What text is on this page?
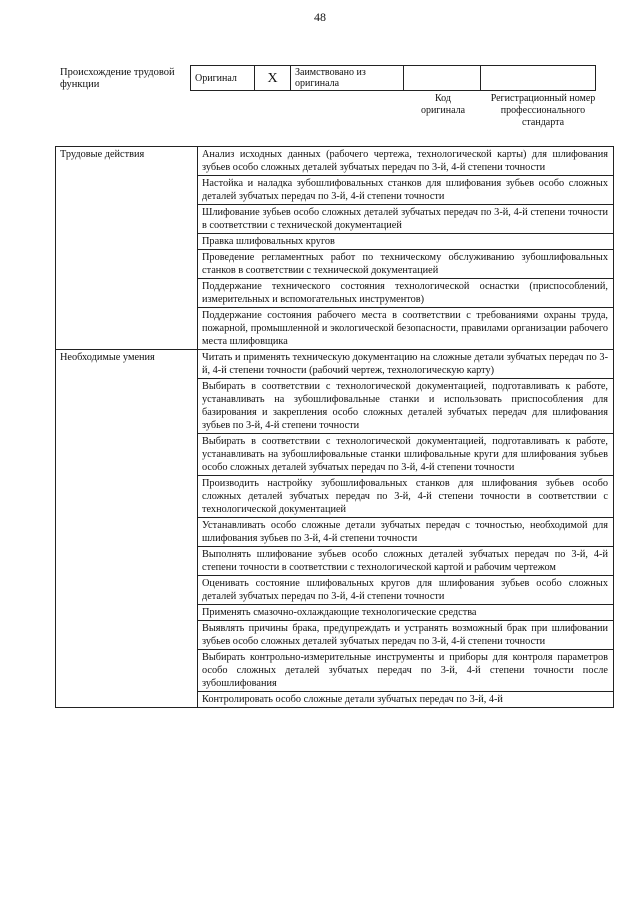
48
Происхождение трудовой функции
Оригинал	X	Заимствовано из оригинала		
Код оригинала
Регистрационный номер профессионального стандарта
Трудовые действия	Анализ исходных данных (рабочего чертежа, технологической карты) для шлифования зубьев особо сложных деталей зубчатых передач по 3-й, 4-й степени точности
	Настойка и наладка зубошлифовальных станков для шлифования зубьев особо сложных деталей зубчатых передач по 3-й, 4-й степени точности
	Шлифование зубьев особо сложных деталей зубчатых передач по 3-й, 4-й степени точности в соответствии с технической документацией
	Правка шлифовальных кругов
	Проведение регламентных работ по техническому обслуживанию зубошлифовальных станков в соответствии с технической документацией
	Поддержание технического состояния технологической оснастки (приспособлений, измерительных и вспомогательных инструментов)
	Поддержание состояния рабочего места в соответствии с требованиями охраны труда, пожарной, промышленной и экологической безопасности, правилами организации рабочего места шлифовщика
Необходимые умения	Читать и применять техническую документацию на сложные детали зубчатых передач по 3-й, 4-й степени точности (рабочий чертеж, технологическую карту)
	Выбирать в соответствии с технологической документацией, подготавливать к работе, устанавливать на зубошлифовальные станки и использовать приспособления для базирования и закрепления особо сложных деталей зубчатых передач для шлифования зубьев по 3-й, 4-й степени точности
	Выбирать в соответствии с технологической документацией, подготавливать к работе, устанавливать на зубошлифовальные станки шлифовальные круги для шлифования зубьев особо сложных деталей зубчатых передач по 3-й, 4-й степени точности
	Производить настройку зубошлифовальных станков для шлифования зубьев особо сложных деталей зубчатых передач по 3-й, 4-й степени точности в соответствии с технологической документацией
	Устанавливать особо сложные детали зубчатых передач с точностью, необходимой для шлифования зубьев по 3-й, 4-й степени точности
	Выполнять шлифование зубьев особо сложных деталей зубчатых передач по 3-й, 4-й степени точности в соответствии с технологической картой и рабочим чертежом
	Оценивать состояние шлифовальных кругов для шлифования зубьев особо сложных деталей зубчатых передач по 3-й, 4-й степени точности
	Применять смазочно-охлаждающие технологические средства
	Выявлять причины брака, предупреждать и устранять возможный брак при шлифовании зубьев особо сложных деталей зубчатых передач по 3-й, 4-й степени точности
	Выбирать контрольно-измерительные инструменты и приборы для контроля параметров особо сложных деталей зубчатых передач по 3-й, 4-й степени точности после зубошлифования
	Контролировать особо сложные детали зубчатых передач по 3-й, 4-й
